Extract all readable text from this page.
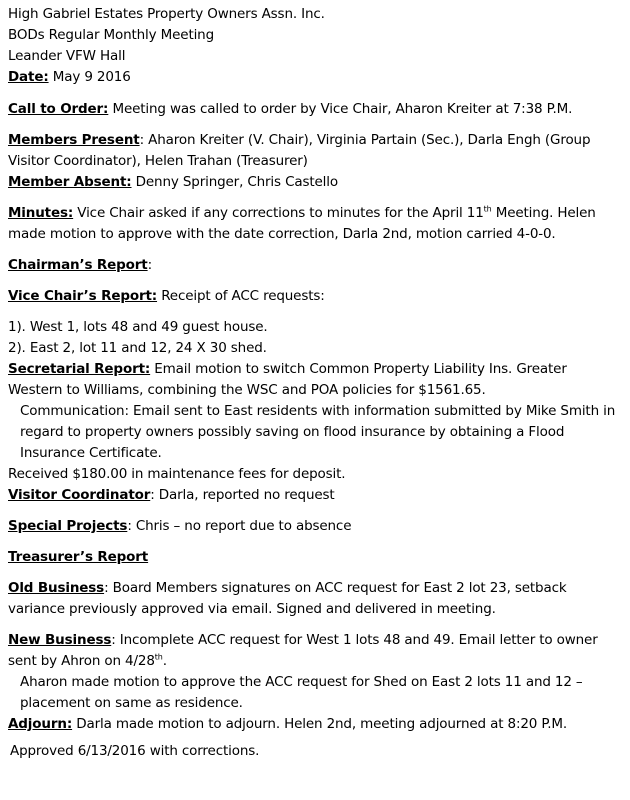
High Gabriel Estates Property Owners Assn. Inc.

BODs Regular Monthly Meeting

Leander VFW Hall

Date: May 9 2016

Call to Order: Meeting was called to order by Vice Chair, Aharon Kreiter at 7:38 P.M.

Members Present: Aharon Kreiter (V. Chair), Virginia Partain (Sec.), Darla Engh (Group Visitor Coordinator), Helen Trahan (Treasurer)

Member Absent: Denny Springer, Chris Castello

Minutes: Vice Chair asked if any corrections to minutes for the April 11th Meeting. Helen made motion to approve with the date correction, Darla 2nd, motion carried 4-0-0.

Chairman’s Report:

Vice Chair’s Report: Receipt of ACC requests:

1). West 1, lots 48 and 49 guest house.

2). East 2, lot 11 and 12, 24 X 30 shed.

Secretarial Report: Email motion to switch Common Property Liability Ins. Greater Western to Williams, combining the WSC and POA policies for $1561.65.

Communication: Email sent to East residents with information submitted by Mike Smith in regard to property owners possibly saving on flood insurance by obtaining a Flood Insurance Certificate.

Received $180.00 in maintenance fees for deposit.

Visitor Coordinator: Darla, reported no request

Special Projects: Chris – no report due to absence

Treasurer’s Report

Old Business: Board Members signatures on ACC request for East 2 lot 23, setback variance previously approved via email. Signed and delivered in meeting.

New Business: Incomplete ACC request for West 1 lots 48 and 49. Email letter to owner sent by Ahron on 4/28th.

Aharon made motion to approve the ACC request for Shed on East 2 lots 11 and 12 – placement on same as residence.

Adjourn: Darla made motion to adjourn. Helen 2nd, meeting adjourned at 8:20 P.M.

Approved 6/13/2016 with corrections.
